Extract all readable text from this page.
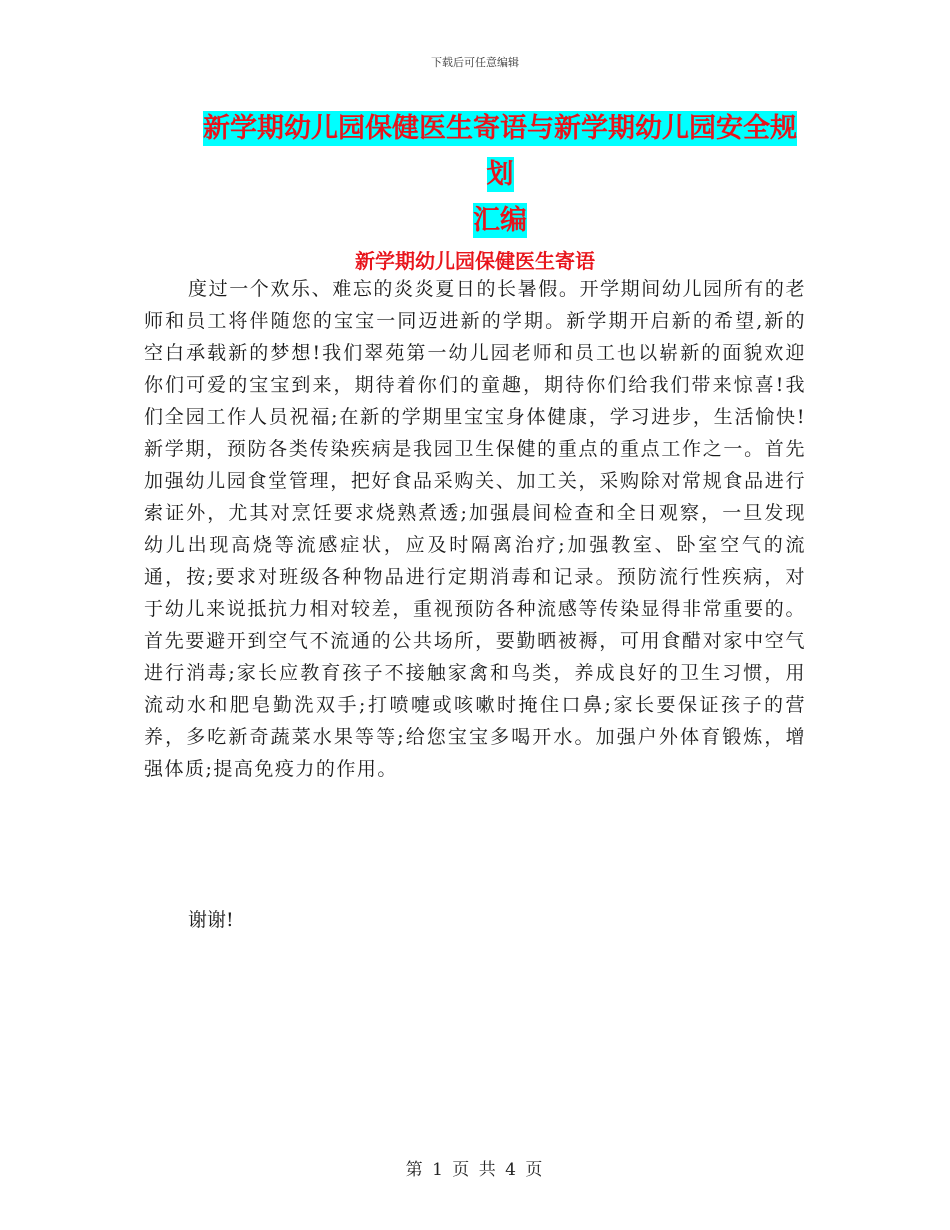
下载后可任意编辑
新学期幼儿园保健医生寄语与新学期幼儿园安全规划
汇编
新学期幼儿园保健医生寄语

度过一个欢乐、难忘的炎炎夏日的长暑假。开学期间幼儿园所有的老师和员工将伴随您的宝宝一同迈进新的学期。新学期开启新的希望,新的空白承载新的梦想!我们翠苑第一幼儿园老师和员工也以崭新的面貌欢迎你们可爱的宝宝到来，期待着你们的童趣，期待你们给我们带来惊喜!我们全园工作人员祝福;在新的学期里宝宝身体健康，学习进步，生活愉快!新学期，预防各类传染疾病是我园卫生保健的重点的重点工作之一。首先加强幼儿园食堂管理，把好食品采购关、加工关，采购除对常规食品进行索证外，尤其对烹饪要求烧熟煮透;加强晨间检查和全日观察，一旦发现幼儿出现高烧等流感症状，应及时隔离治疗;加强教室、卧室空气的流通，按;要求对班级各种物品进行定期消毒和记录。预防流行性疾病，对于幼儿来说抵抗力相对较差，重视预防各种流感等传染显得非常重要的。首先要避开到空气不流通的公共场所，要勤晒被褥，可用食醋对家中空气进行消毒;家长应教育孩子不接触家禽和鸟类，养成良好的卫生习惯，用流动水和肥皂勤洗双手;打喷嚏或咳嗽时掩住口鼻;家长要保证孩子的营养，多吃新奇蔬菜水果等等;给您宝宝多喝开水。加强户外体育锻炼，增强体质;提高免疫力的作用。

谢谢!

第 1 页 共 4 页
